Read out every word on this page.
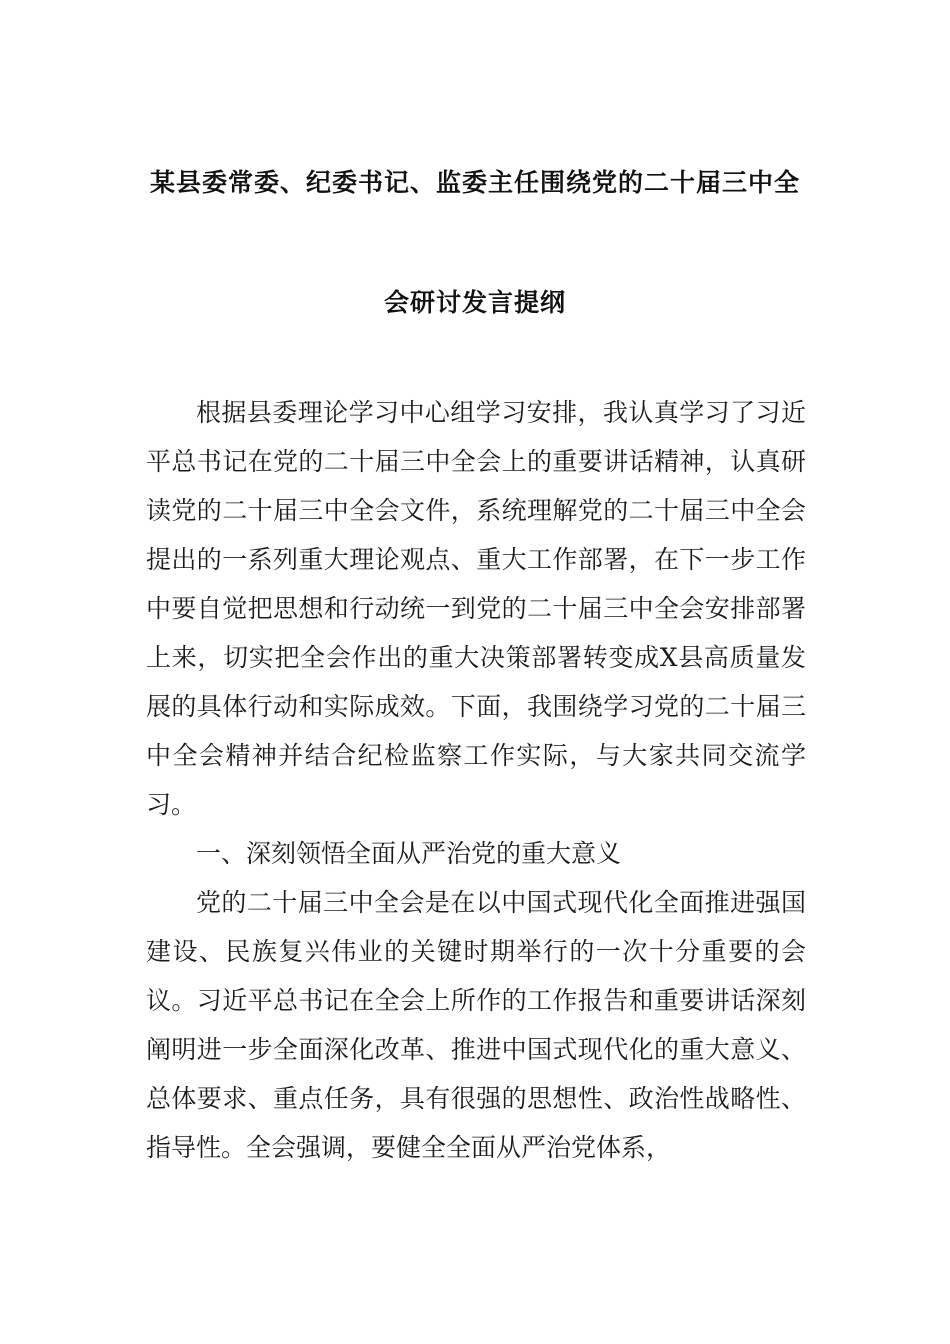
某县委常委、纪委书记、监委主任围绕党的二十届三中全
会研讨发言提纲

根据县委理论学习中心组学习安排，我认真学习了习近平总书记在党的二十届三中全会上的重要讲话精神，认真研读党的二十届三中全会文件，系统理解党的二十届三中全会提出的一系列重大理论观点、重大工作部署，在下一步工作中要自觉把思想和行动统一到党的二十届三中全会安排部署上来，切实把全会作出的重大决策部署转变成X县高质量发展的具体行动和实际成效。下面，我围绕学习党的二十届三中全会精神并结合纪检监察工作实际，与大家共同交流学习。

一、深刻领悟全面从严治党的重大意义

党的二十届三中全会是在以中国式现代化全面推进强国建设、民族复兴伟业的关键时期举行的一次十分重要的会议。习近平总书记在全会上所作的工作报告和重要讲话深刻阐明进一步全面深化改革、推进中国式现代化的重大意义、总体要求、重点任务，具有很强的思想性、政治性战略性、指导性。全会强调，要健全全面从严治党体系，
